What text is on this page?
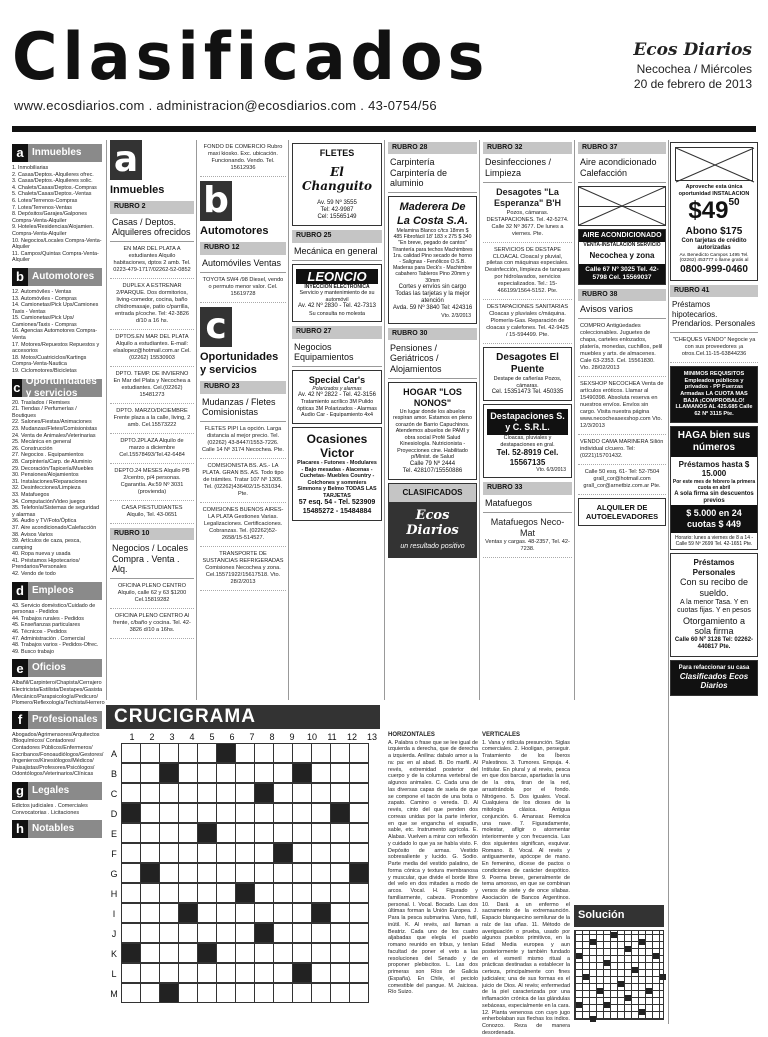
Clasificados	Ecos Diarios
Necochea / Miércoles
20 de febrero de 2013
www.ecosdiarios.com . administracion@ecosdiarios.com . 43-0754/56
a Inmuebles
1. Inmobiliarias
2. Casas/Deptos.-Alquileres ofrec.
3. Casas/Deptos.-Alquileres solic.
4. Chalets/Casas/Deptos.-Compras
5. Chalets/Casas/Deptos.-Ventas
6. Lotes/Terrenos-Compras
7. Lotes/Terrenos-Ventas
8. Depósitos/Garajes/Galpones Compra-Venta-Alquiler
9. Hoteles/Residencias/Alojamien. Compra-Venta-Alquiler
10. Negocios/Locales Compra-Venta-Alquiler
11. Campos/Quintas Compra-Venta-Alquiler
b Automotores
12. Automóviles - Ventas
13. Automóviles - Compras
14. Camionetas/Pick Ups/Camiones Taxis - Ventas
15. Camionetas/Pick Ups/ Camiones/Taxis - Compras
16. Agencias Automotores Compra-Venta
17. Motores/Repuestos Repuestos y accesorios
18. Motos/Cuatriciclos/Kartings Compra-Venta-Nautica
19. Ciclomotores/Bicicletas
c Oportunidades y servicios
20. Traslados / Remises
21. Tiendas / Perfumerías / Boutiques
22. Salones/Fiestas/Animaciones
23. Mudanzas/Fletes/Comisionistas
24. Venta de Animales/Veterinarias
25. Mecánica en general
26. Construcción
27. Negocios . Equipamientos
28. Carpintería/Carp. de Aluminio
29. Decoración/Tapicería/Muebles
30. Pensiones/Alojamientos
31. Instalaciones/Reparaciones
32. Desinfecciones/Limpieza
33. Matafuegos
34. Computación/Video juegos
35. Telefonía/Sistemas de seguridad y alarmas
36. Audio y TV/Foto/Óptica
37. Aire acondicionado/Calefacción
38. Avisos Varios
39. Artículos de caza, pesca, camping
40. Ropa nueva y usada
41. Préstamos Hipotecarios/ Prendarios/Personales
42. Vendo de todo
d Empleos
43. Servicio doméstico/Cuidado de personas - Pedidos
44. Trabajos rurales - Pedidos
45. Enseñanzas particulares
46. Técnicos - Pedidos
47. Administración . Comercial
48. Trabajos varios - Pedidos-Ofrec.
49. Busco trabajo
e Oficios
Albañil/Carpintero/Chapista/Cerrajero Electricista/Estilista/Destapes/Gasista /Mecánico/Parapsicología/Pedicuro/ Plomero/Reflexología/Techista/Herrero
f Profesionales
Abogados/Agrimensores/Arquitectos /Bioquímicos/ Contadores/ Contadores Públicos/Enfermeros/ Escribanos/Fonoaudiólogos/Gestores/ /Ingenieros/Kinesiólogos/Médicos/ Paisajistas/Profesores/Psicólogos/ Odontólogos/Veterinarios/Clínicas
g Legales
Edictos judiciales . Comerciales Convocatorias . Licitaciones
h Notables
a
Inmuebles
RUBRO 2
Casas / Deptos. Alquileres ofrecidos
EN MAR DEL PLATA A estudiantes Alquilo habitaciones, dptos 2 amb. Tel. 0223-479-1717/02262-52-0852
DUPLEX A ESTRENAR 2/PARQUE. Dos dormitorios, living-comedor, cocina, baño c/hidromasaje, patio c/parrilla, entrada p/coche. Tel: 42-3826 d/10 a 16 hs.
DPTOS.EN MAR DEL PLATA Alquilo a estudiantes. E-mail: elsalopez@hotmail.com.ar Cel.(02262) 15530903
DPTO. TEMP. DE INVIERNO En Mar del Plata y Necochea a estudiantes. Cel.(02262) 15481273
DPTO. MARZO/DICIEMBRE Frente plaza a la calle, living, 2 amb. Cel.15573222
DPTO.2PLAZA Alquilo de marzo a diciembre Cel.15578493/Tel.42-6484
DEPTO.24 MESES Alquilo PB 2/centro, p/4 personas. Cgarantía. Av.59 Nº 3031 (provienda)
CASA P/ESTUDIANTES Alquilo, Tel. 43-0651
RUBRO 10
Negocios / Locales Compra . Venta . Alq.
OFICINA PLENO CENTRO Alquilo, calle 62 y 63 $1200 Cel.15819282
OFICINA PLENO CENTRO Al frente, c/baño y cocina. Tel. 42-3826 d/10 a 16hs.
FONDO DE COMERCIO Rubro maxi kiosko. Exc. ubicación. Funcionando. Vendo. Tel. 15612936
b
Automotores
RUBRO 12
Automóviles Ventas
TOYOTA SW4 /98 Diesel, vendo o permuto menor valor. Cel. 15619728
c
Oportunidades y servicios
RUBRO 23
Mudanzas / Fletes Comisionistas
FLETES PIPI La opción. Larga distancia al mejor precio. Tel.(02262) 43-8447/1553-7226. Calle 14 Nº 3174 Necochea. Pte.
COMISIONISTA BS. AS.- LA PLATA. GRAN BS. AS. Todo tipo de trámites. Tratar 107 Nº 1305. Tel. (02262)436402/15-531034. Pte.
COMISIONES BUENOS AIRES-LA PLATA Gestiones Varias. Legalizaciones. Certificaciones. Cobranzas. Tel. (02262)52-2658/15-514527.
TRANSPORTE DE SUSTANCIAS REFRIGERADAS Comisiones Necochea y zona. Cel.15571922/15617518. Vto. 28/2/2013
FLETES
El Changuito
Av. 59 Nº 3555
Tel: 42-9987
Cel: 15565149
RUBRO 25
Mecánica en general
LEONCIO
INYECCION ELECTRONICA
Servicio y mantenimiento de su automóvil
Av. 42 Nº 2830 - Tel. 42-7313
Su consulta no molesta
RUBRO 27
Negocios Equipamientos
Special Car's
Polarizados y alarmas
Av. 42 Nº 2822 - Tel. 42-3156
Tratamiento acrílico 3M Pulido ópticas 3M Polarizados - Alarmas Audio Car - Equipamiento 4x4
Ocasiones Victor
Placares - Futones - Modulares - Bajo mesadas - Alacenas - Cuchetas- Muebles Country - Colchones y sommiers Simmons y Belmo TODAS LAS TARJETAS
57 esq. 54 - Tel. 523909 15485272 - 15484884
RUBRO 28
Carpintería Carpintería de aluminio
Maderera De La Costa S.A.
Melamina Blanco c/tcs 18mm $ 485 Fibrofácil 18' 183 x 275 $ 340 "En breve, pegado de cantos" Tirantería para techos Machimbres 1ra. calidad Pino secado de horno - Salignas - Fenólicos O.S.B. Maderas para Deck's - Machimbre cabahero Tableros Pino 20mm y 30mm
Cortes y envíos sin cargo Todas las tarjetas y la mejor atención
Avda. 59 Nº 3840 Tel: 424316
Vto. 2/3/2013
RUBRO 30
Pensiones / Geriátricos / Alojamientos
HOGAR "LOS NONOS"
Un lugar donde los abuelos respiran amor. Estamos en pleno corazón de Barrio Capuchinos. Atendemos abuelos de PAMI y obra social Profé Salud Kinesiología. Nutricionista - Proyecciones cine. Habilitado p/Minist. de Salud
Calle 79 Nº 2444
Tel. 428107/15550886
CLASIFICADOS
Ecos Diarios
un resultado positivo
RUBRO 32
Desinfecciones / Limpieza
Desagotes "La Esperanza" B'H
Pozos, cámaras. DESTAPACIONES. Tel. 42-5274. Calle 32 Nº 3677. De lunes a viernes. Pte.
SERVICIOS DE DESTAPE CLOACAL Cloacal y pluvial, piletas con máquinas especiales. Desinfección, limpieza de tanques por hidrolavados, servicios especializados. Tel.: 15-466199/1564-5152. Pte.
DESTAPACIONES SANITARIAS Cloacas y pluviales c/máquina. Plomería-Gas. Reparación de cloacas y calefones. Tel. 42-9425 / 15-594499. Pte.
Desagotes El Puente
Destape de cañerías Pozos, cámaras.
Cel. 15351473 Tel. 450335
Destapaciones S. y C. S.R.L.
Cloacas, pluviales y destapaciones en gral.
Tel. 52-8919 Cel. 15567135
Vto. 6/3/2013
RUBRO 33
Matafuegos
Matafuegos Neco-Mat
Ventas y cargas. 48-2357, Tel. 42-7238.
RUBRO 37
Aire acondicionado Calefacción
AIRE ACONDICIONADO
VENTA-INSTALACION SERVICIO
Necochea y zona
Calle 67 Nº 3025 Tel. 42-5798 Cel. 15569037
RUBRO 38
Avisos varios
COMPRO Antigüedades coleccionables. Juguetes de chapa, carteles enlozados, platería, monedas, cuchillos, pelil muebles y arts. de almacenes. Cale 63-2353. Cel. 15561830. Vto. 28/02/2013
SEXSHOP NECOCHEA Venta de artículos eróticos. Llamar al 15490398. Absoluta reserva en nuestros envíos. Envíos sin cargo. Visita nuestra página www.necocheasexshop.com Vto. 12/3/2013
VENDO CAMA MARINERA Silión individual c/cuero. Tel: (0221)15701432.
Calle 50 esq. 61- Tel: 52-7504 grall_cor@hotmail.com grall_cor@arnetbiz.com.ar Pte.
ALQUILER DE AUTOELEVADORES
Aproveche esta única oportunidad INSTALACION
$4950
Abono $175
Con tarjetas de crédito autorizadas
Av. Benedicto Campos 1495 Tel. (02262) 453777 o llame gratis al
0800-999-0460
RUBRO 41
Préstamos hipotecarios. Prendarios. Personales
"CHEQUES VENDO" Negocie ya con sus proveedores ¡a otros.Cel.11-15-63844236
MINIMOS REQUISITOS Empleados públicos y privados - PP Fuerzas Armadas LA CUOTA MAS BAJA ¡COMPROBALO! LLAMANOS AL 425.685 Calle 62 Nº 3115 Pte.
HAGA bien sus números
Préstamos hasta $ 15.000
Por este mes de febrero la primera cuota en abril
A sola firma sin descuentos previos
$ 5.000 en 24 cuotas $ 449
Horario: lunes a viernes de 8 a 14 - Calle 59 Nº 2699 Tel. 42-1651 Pte.
Préstamos Personales
Con su recibo de sueldo.
A la menor Tasa. Y en cuotas fijas. Y en pesos
Otorgamiento a sola firma
Calle 60 Nº 3128 Tel: 02262-440817 Pte.
Para refaccionar su casa
Clasificados Ecos Diarios
CRUCIGRAMA
1	2	3	4	5	6	7	8	9	10	11	12	13
A
B
C
D
E
F
G
H
I
J
K
L
M
HORIZONTALES
A. Palabra o frase que se lee igual de izquierda a derecha, que de derecha a izquierda. Anilina: dabalo amor a la ra: pa: en al abad. B. Do marfil. Al revés, extremidad posterior del cuerpo y de la columna vertebral de algunos animales. C. Cada una de las diversas capas de suela de que se compone el tacón de una bota o zapato. Camino o vereda. D. Al revés, cinto del que penden dos correas unidas por la parte inferior, en que se engancha el espadín, sable, etc. Instrumento agrícola. E. Alabas. Vuelven a mirar con reflexión y cuidado lo que ya se había visto. F. Depósito de armas. Vestido sobresaliente y lucido. G. Sodio. Parte media del vestido palatino, de forma cónica y textura membranosa y muscular, que divide el borde libre del velo en dos mitades a modo de arcos. Vocal. H. Figurado y familiarmente, cabeza. Pronombre personal. I. Vocal. Bocado. Las dos últimas forman la Unión Europea. J. Para la pesca submarina. Vano, futil, inútil. K. Al revés, así llaman a Beatriz. Cada uno de los cuatro aljabadas que elegía el pueblo romano reunido en tribus, y tenían facultad de poner el veto a las resoluciones del Senado y de proponer plebiscitos. L. Las dos primeras son Ríos de Galicia (España). En Chile, el peciolo comestible del pangue. M. Jaiciosa. Río Suizo.
VERTICALES
1. Vana y ridícula presunción. Siglas comerciales. 2. Hooligan, perseguir. Tratamiento de los Íberos Palestinos. 3. Tumores. Empuja. 4. Intitular. En plural y al revés, pesca en que dos barcas, apartadas la una de la otra, tiran de la red, arrastrándola por el fondo. Nitrógeno. 5. Dos iguales. Vocal. Cualquiera de los dioses de la mitología clásica. Antigua conjunción. 6. Amansar. Remolca una nave. 7. Figuradamente, molestar, afligir o atormentar interiormente y con frecuencia. Las dos siguientes significan, esquivar. Romano. 8. Vocal. Al revés y antiguamente, apócope de mano. En femenino, dícese de pactos o condiciones de carácter despótico. 9. Poema breve, generalmente de tema amoroso, en que se combinan versos de siete y de once sílabas. Asociación de Bancos Argentinos. 10. Dará a un enfermo el sacramento de la extremaunción. Espacio blanquecino semilunar de la raíz de las uñas. 11. Método de averiguación o prueba, usado por algunos pueblos primitivos, en la Edad Media europea y aun posteriormente y también fundado en el esmeril mismo ritual a prácticas destinadas a establecer la certeza, principalmente con fines judiciales; una de sus formas es el juicio de Dios. Al revés; enfermedad de la piel caracterizada por una inflamación crónica de las glándulas sebáceas, especialmente en la cara. 12. Planta venenosa con cuyo jugo enherbolaban sus flechas los indios. Conozco. Reza de manera desordenada.
Solución
